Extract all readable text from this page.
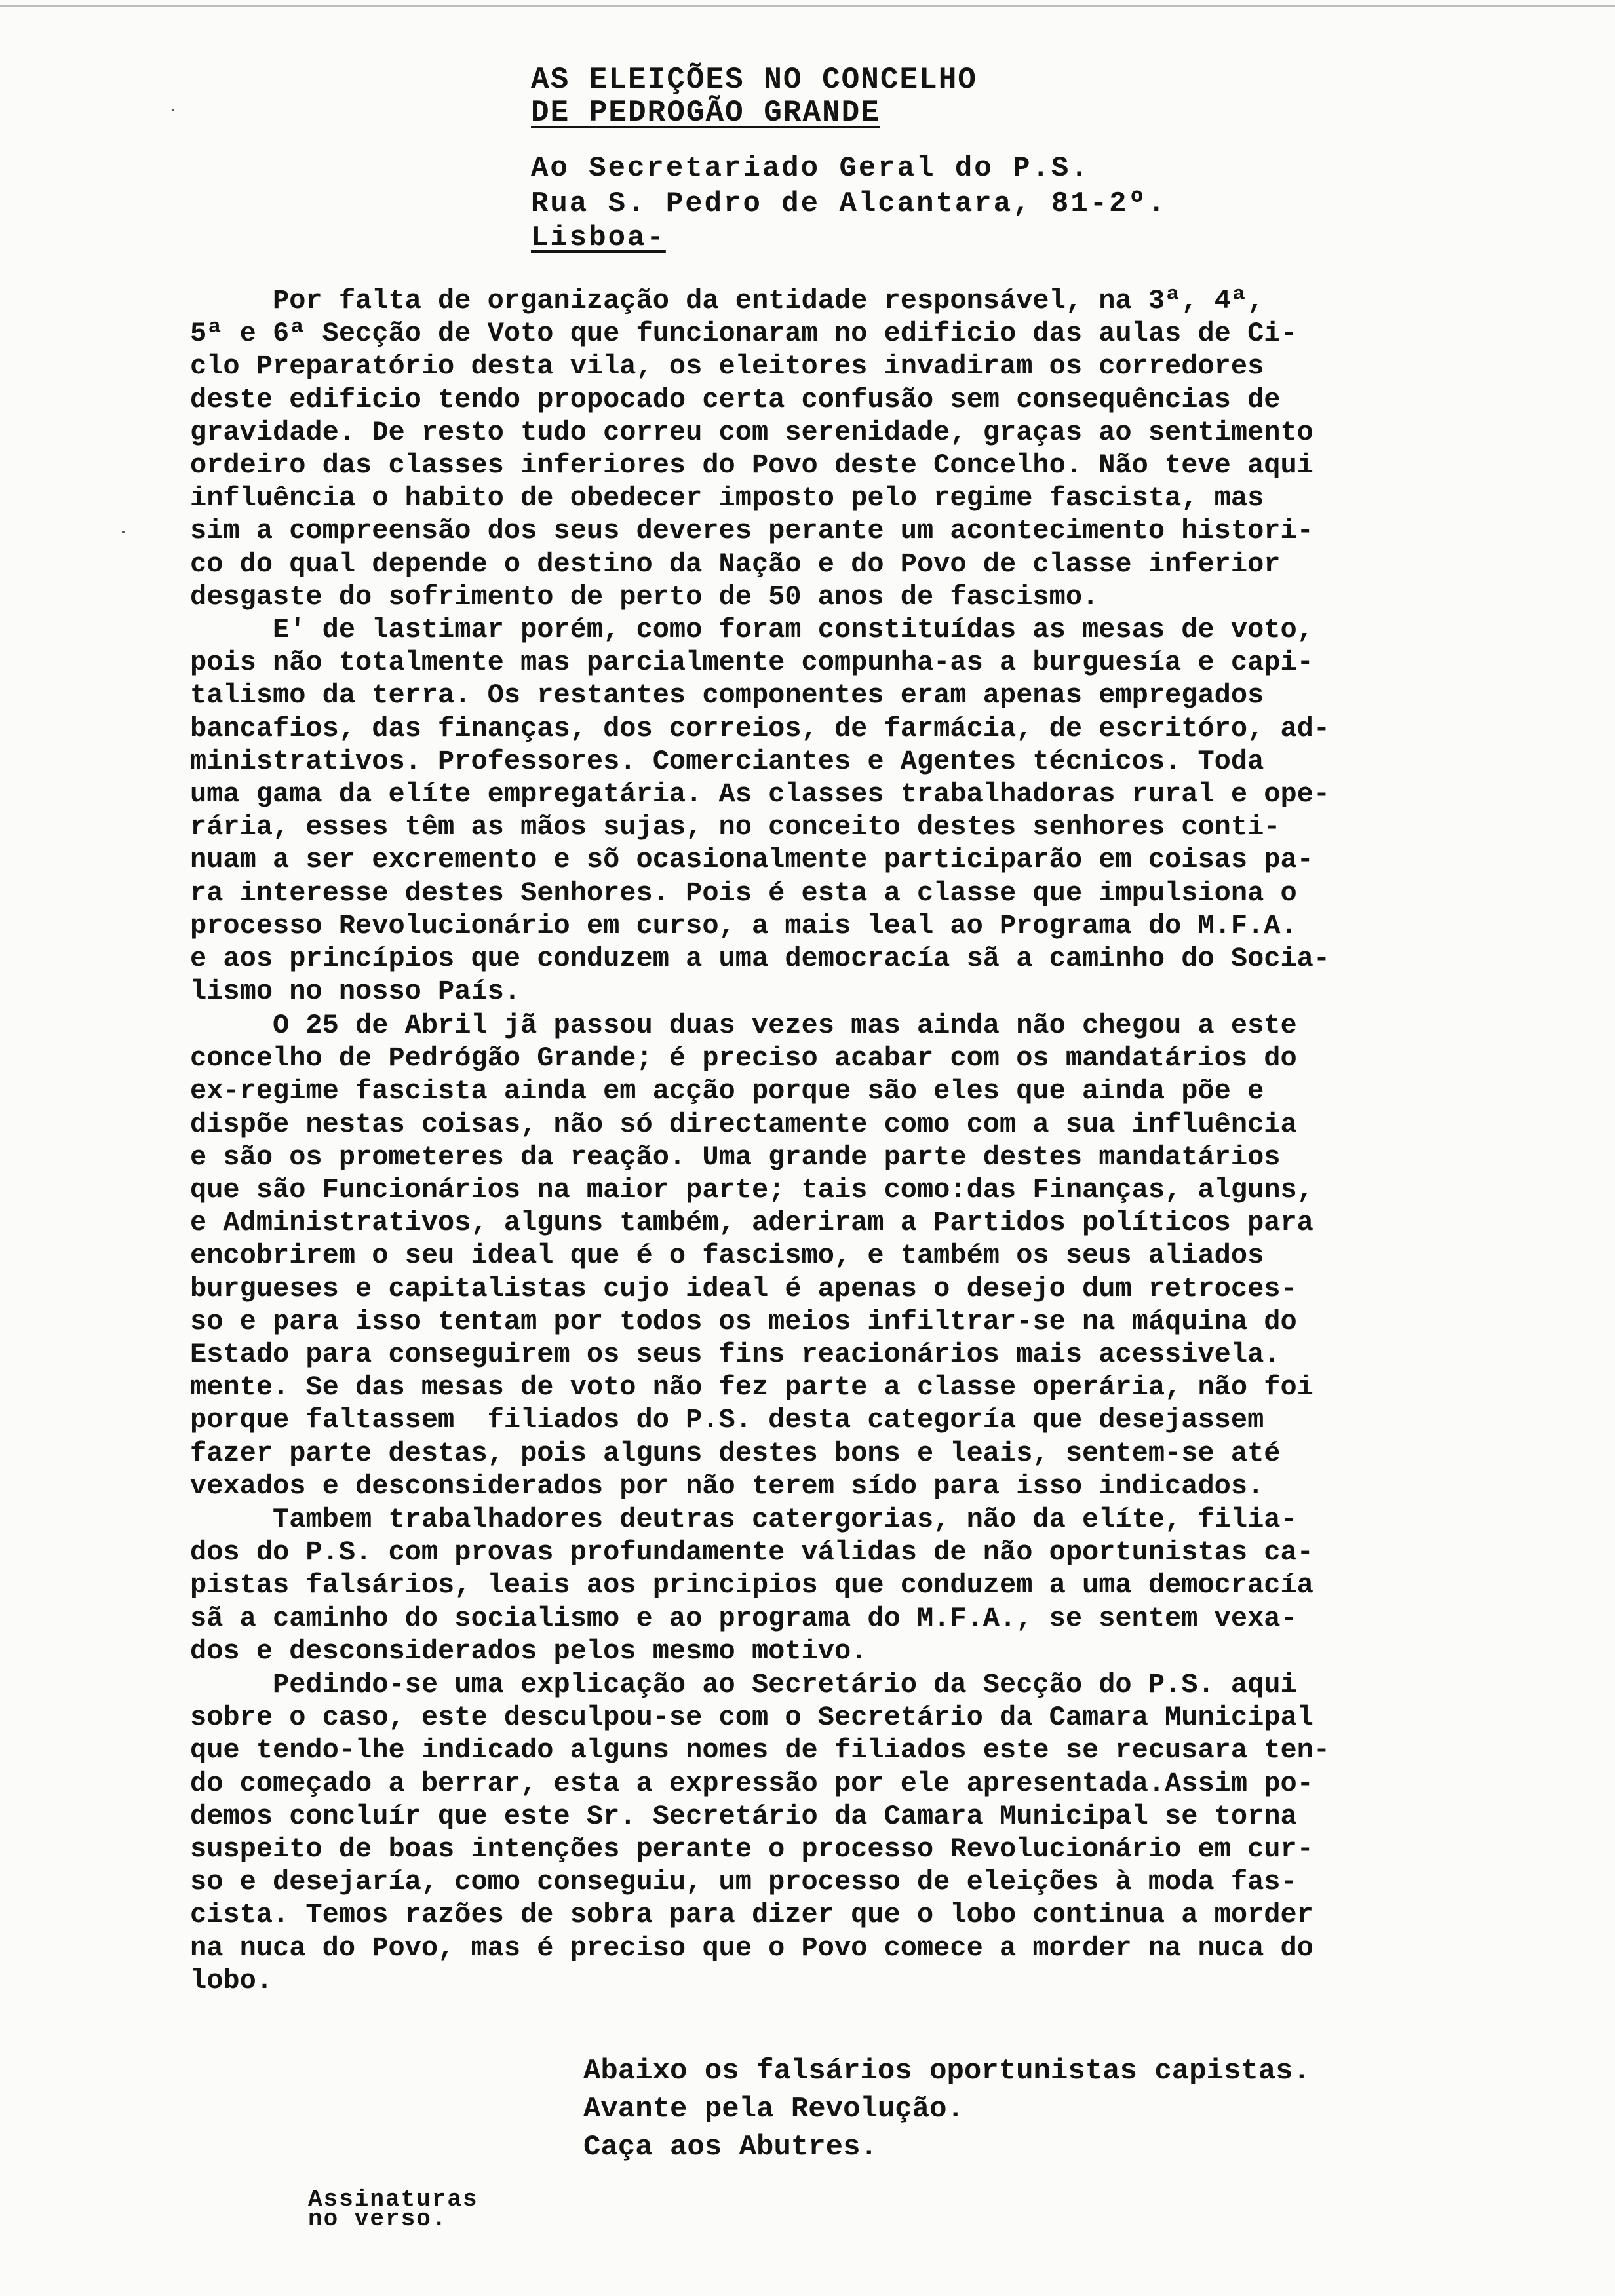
AS ELEIÇÕES NO CONCELHO
DE PEDROGÃO GRANDE
Ao Secretariado Geral do P.S.
Rua S. Pedro de Alcantara, 81-2º.
Lisboa-
Por falta de organização da entidade responsável, na 3ª, 4ª,
5ª e 6ª Secção de Voto que funcionaram no edificio das aulas de Ci-
clo Preparatório desta vila, os eleitores invadiram os corredores
deste edificio tendo propocado certa confusão sem consequências de
gravidade. De resto tudo correu com serenidade, graças ao sentimento
ordeiro das classes inferiores do Povo deste Concelho. Não teve aqui
influência o habito de obedecer imposto pelo regime fascista, mas
sim a compreensão dos seus deveres perante um acontecimento histori-
co do qual depende o destino da Nação e do Povo de classe inferior
desgaste do sofrimento de perto de 50 anos de fascismo.
E' de lastimar porém, como foram constituídas as mesas de voto,
pois não totalmente mas parcialmente compunha-as a burguesía e capi-
talismo da terra. Os restantes componentes eram apenas empregados
bancafios, das finanças, dos correios, de farmácia, de escritóro, ad-
ministrativos. Professores. Comerciantes e Agentes técnicos. Toda
uma gama da elíte empregatária. As classes trabalhadoras rural e ope-
rária, esses têm as mãos sujas, no conceito destes senhores conti-
nuam a ser excremento e sõ ocasionalmente participarão em coisas pa-
ra interesse destes Senhores. Pois é esta a classe que impulsiona o
processo Revolucionário em curso, a mais leal ao Programa do M.F.A.
e aos princípios que conduzem a uma democracía sã a caminho do Socia-
lismo no nosso País.
O 25 de Abril jã passou duas vezes mas ainda não chegou a este
concelho de Pedrógão Grande; é preciso acabar com os mandatários do
ex-regime fascista ainda em acção porque são eles que ainda põe e
dispõe nestas coisas, não só directamente como com a sua influência
e são os prometeres da reação. Uma grande parte destes mandatários
que são Funcionários na maior parte; tais como:das Finanças, alguns,
e Administrativos, alguns também, aderiram a Partidos políticos para
encobrirem o seu ideal que é o fascismo, e também os seus aliados
burgueses e capitalistas cujo ideal é apenas o desejo dum retroces-
so e para isso tentam por todos os meios infiltrar-se na máquina do
Estado para conseguirem os seus fins reacionários mais acessivela.
mente. Se das mesas de voto não fez parte a classe operária, não foi
porque faltassem  filiados do P.S. desta categoría que desejassem
fazer parte destas, pois alguns destes bons e leais, sentem-se até
vexados e desconsiderados por não terem sído para isso indicados.
Tambem trabalhadores deutras catergorias, não da elíte, filia-
dos do P.S. com provas profundamente válidas de não oportunistas ca-
pistas falsários, leais aos principios que conduzem a uma democracía
sã a caminho do socialismo e ao programa do M.F.A., se sentem vexa-
dos e desconsiderados pelos mesmo motivo.
Pedindo-se uma explicação ao Secretário da Secção do P.S. aqui
sobre o caso, este desculpou-se com o Secretário da Camara Municipal
que tendo-lhe indicado alguns nomes de filiados este se recusara ten-
do começado a berrar, esta a expressão por ele apresentada.Assim po-
demos concluír que este Sr. Secretário da Camara Municipal se torna
suspeito de boas intenções perante o processo Revolucionário em cur-
so e desejaría, como conseguiu, um processo de eleições à moda fas-
cista. Temos razões de sobra para dizer que o lobo continua a morder
na nuca do Povo, mas é preciso que o Povo comece a morder na nuca do
lobo.
Abaixo os falsários oportunistas capistas.
Avante pela Revolução.
Caça aos Abutres.
Assinaturas
no verso.
